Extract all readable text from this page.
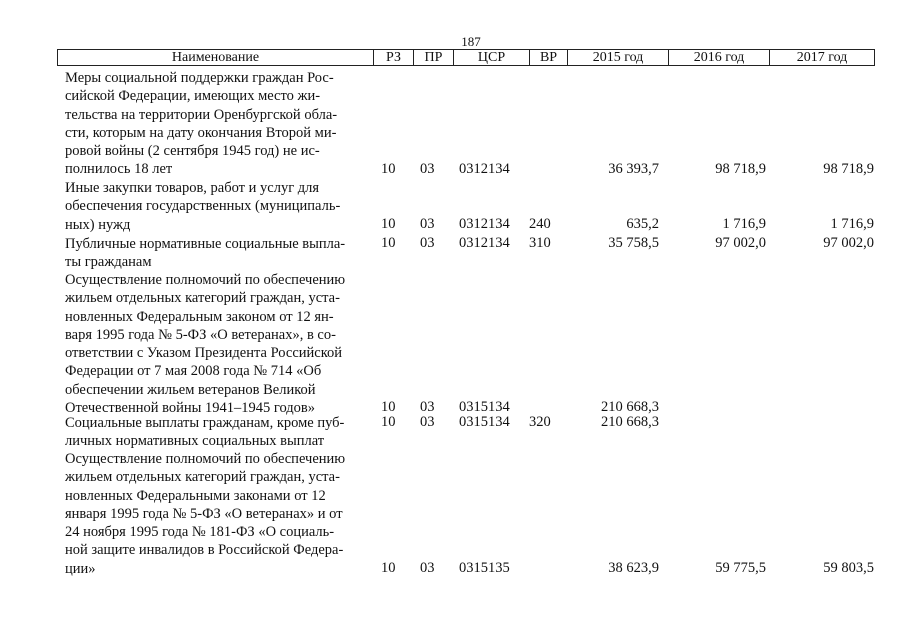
187
Наименование	РЗ	ПР	ЦСР	ВР	2015 год	2016 год	2017 год
Меры социальной поддержки граждан Рос-
сийской Федерации, имеющих место жи-
тельства на территории Оренбургской обла-
сти, которым на дату окончания Второй ми-
ровой войны (2 сентября 1945 год) не ис-
полнилось 18 лет	10 03 0312134	36 393,7	98 718,9	98 718,9
Иные закупки товаров, работ и услуг для
обеспечения государственных (муниципаль-
ных) нужд	10 03 0312134 240	635,2	1 716,9	1 716,9
Публичные нормативные социальные выпла-
ты гражданам
10 03 0312134 310	35 758,5	97 002,0	97 002,0
Осуществление полномочий по обеспечению
жильем отдельных категорий граждан, уста-
новленных Федеральным законом от 12 ян-
варя 1995 года № 5-ФЗ «О ветеранах», в со-
ответствии с Указом Президента Российской
Федерации от 7 мая 2008 года № 714 «Об
обеспечении жильем ветеранов Великой
Отечественной войны 1941–1945 годов»	10 03 0315134	210 668,3
Социальные выплаты гражданам, кроме пуб-
личных нормативных социальных выплат
10 03 0315134 320	210 668,3
Осуществление полномочий по обеспечению
жильем отдельных категорий граждан, уста-
новленных Федеральными законами от 12
января 1995 года № 5-ФЗ «О ветеранах» и от
24 ноября 1995 года № 181-ФЗ «О социаль-
ной защите инвалидов в Российской Федера-
ции»	10 03 0315135	38 623,9	59 775,5	59 803,5
